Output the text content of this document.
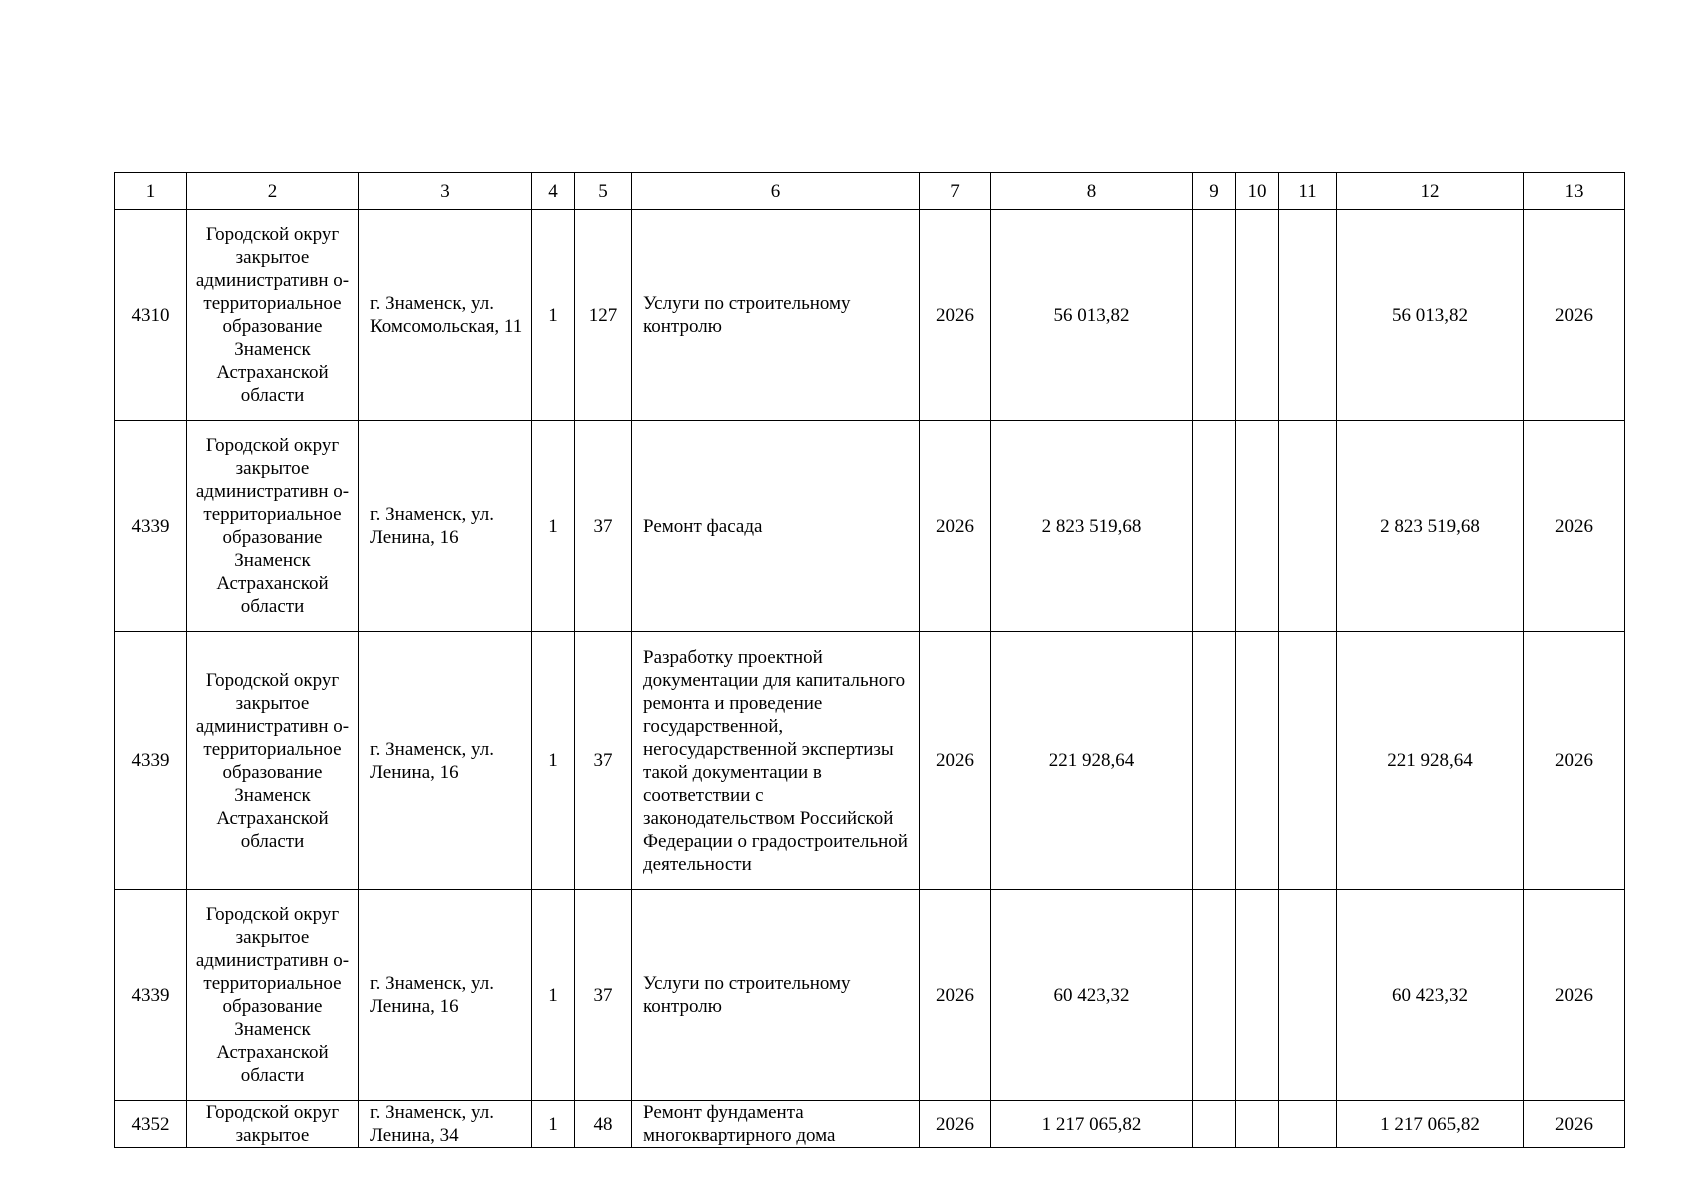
1	2	3	4	5	6	7	8	9	10	11	12	13
4310	Городской округ закрытое административн о-территориальное образование Знаменск Астраханской области	г. Знаменск, ул. Комсомольская, 11	1	127	Услуги по строительному контролю	2026	56 013,82				56 013,82	2026
4339	Городской округ закрытое административн о-территориальное образование Знаменск Астраханской области	г. Знаменск, ул. Ленина, 16	1	37	Ремонт фасада	2026	2 823 519,68				2 823 519,68	2026
4339	Городской округ закрытое административн о-территориальное образование Знаменск Астраханской области	г. Знаменск, ул. Ленина, 16	1	37	Разработку проектной документации для капитального ремонта и проведение государственной, негосударственной экспертизы такой документации в соответствии с законодательством Российской Федерации о градостроительной деятельности	2026	221 928,64				221 928,64	2026
4339	Городской округ закрытое административн о-территориальное образование Знаменск Астраханской области	г. Знаменск, ул. Ленина, 16	1	37	Услуги по строительному контролю	2026	60 423,32				60 423,32	2026
4352	Городской округ закрытое	г. Знаменск, ул. Ленина, 34	1	48	Ремонт фундамента многоквартирного дома	2026	1 217 065,82				1 217 065,82	2026
